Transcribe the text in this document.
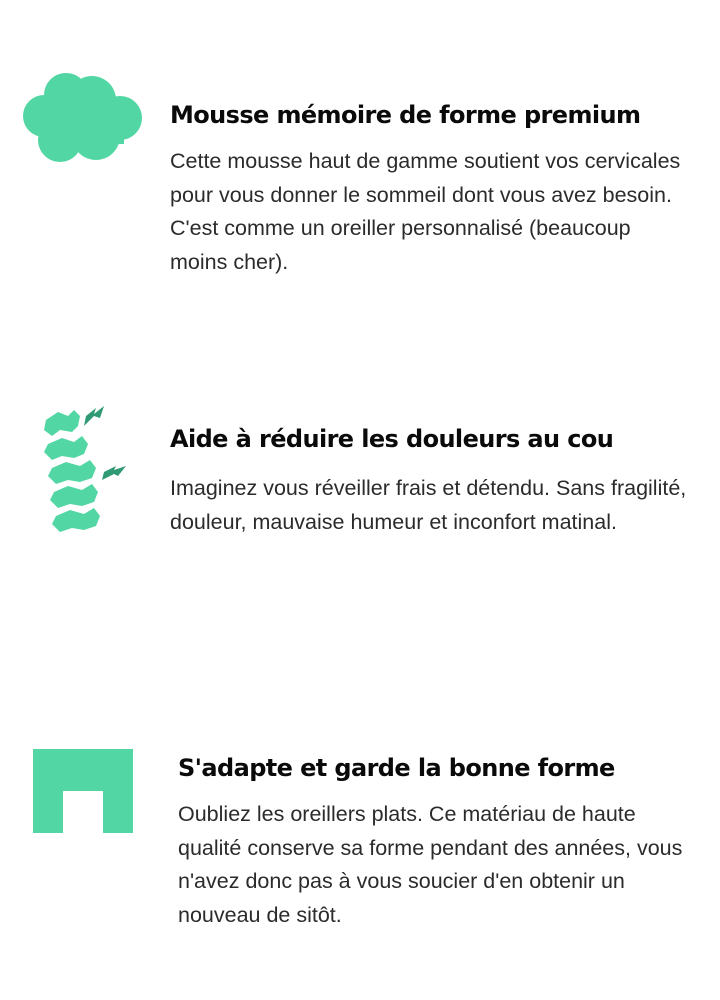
Mousse mémoire de forme premium

Cette mousse haut de gamme soutient vos cervicales pour vous donner le sommeil dont vous avez besoin. C'est comme un oreiller personnalisé (beaucoup moins cher).

Aide à réduire les douleurs au cou

Imaginez vous réveiller frais et détendu. Sans fragilité, douleur, mauvaise humeur et inconfort matinal.

S'adapte et garde la bonne forme

Oubliez les oreillers plats. Ce matériau de haute qualité conserve sa forme pendant des années, vous n'avez donc pas à vous soucier d'en obtenir un nouveau de sitôt.
